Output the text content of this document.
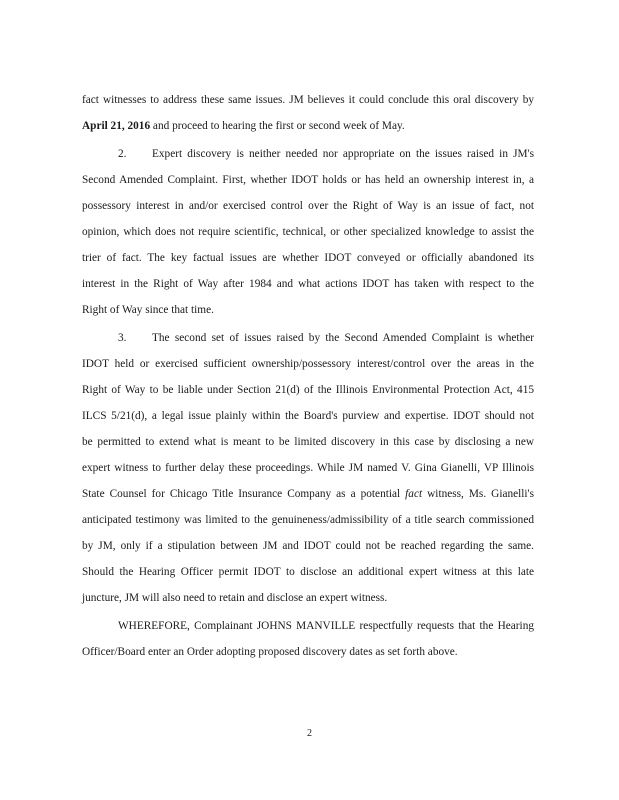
fact witnesses to address these same issues. JM believes it could conclude this oral discovery by
April 21, 2016 and proceed to hearing the first or second week of May.
2. Expert discovery is neither needed nor appropriate on the issues raised in JM's
Second Amended Complaint. First, whether IDOT holds or has held an ownership interest in, a
possessory interest in and/or exercised control over the Right of Way is an issue of fact, not
opinion, which does not require scientific, technical, or other specialized knowledge to assist the
trier of fact. The key factual issues are whether IDOT conveyed or officially abandoned its
interest in the Right of Way after 1984 and what actions IDOT has taken with respect to the
Right of Way since that time.
3. The second set of issues raised by the Second Amended Complaint is whether
IDOT held or exercised sufficient ownership/possessory interest/control over the areas in the
Right of Way to be liable under Section 21(d) of the Illinois Environmental Protection Act, 415
ILCS 5/21(d), a legal issue plainly within the Board's purview and expertise. IDOT should not
be permitted to extend what is meant to be limited discovery in this case by disclosing a new
expert witness to further delay these proceedings. While JM named V. Gina Gianelli, VP Illinois
State Counsel for Chicago Title Insurance Company as a potential fact witness, Ms. Gianelli's
anticipated testimony was limited to the genuineness/admissibility of a title search commissioned
by JM, only if a stipulation between JM and IDOT could not be reached regarding the same.
Should the Hearing Officer permit IDOT to disclose an additional expert witness at this late
juncture, JM will also need to retain and disclose an expert witness.
WHEREFORE, Complainant JOHNS MANVILLE respectfully requests that the Hearing
Officer/Board enter an Order adopting proposed discovery dates as set forth above.
2
